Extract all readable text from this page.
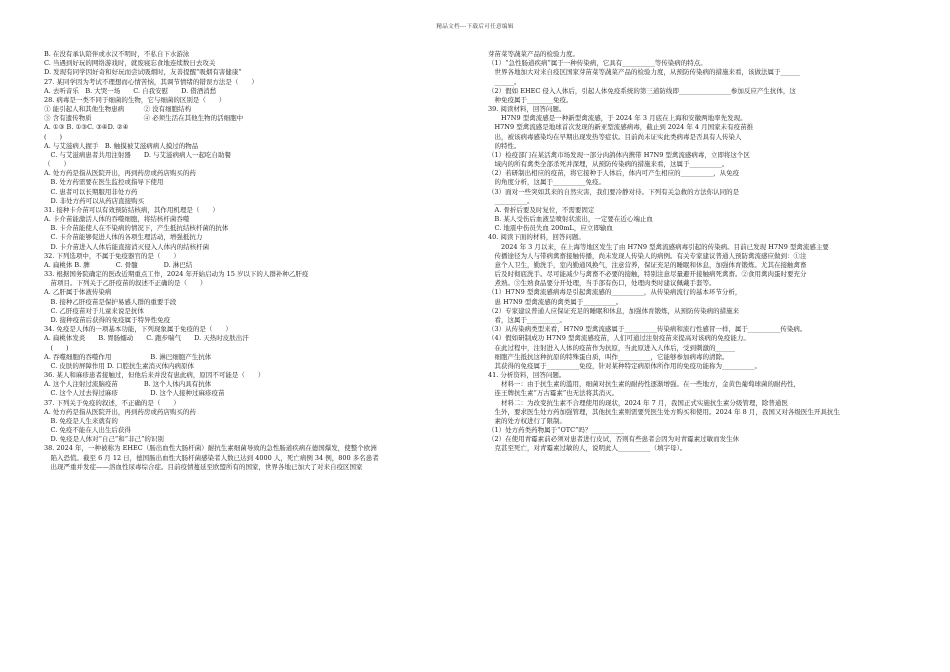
精品文档---下载后可任意编辑
B. 在没有承认陪伴或水汉不明时，不私自下水游泳
C. 当遇到好玩的网络游戏时，就废寝忘食地连续数日去攻关
D. 发现有同学因好奇和好玩而尝试吸烟时，友善提醒“吸烟有害健康”
27. 某同学因为考试不理想而心情苦恼，其调节情绪的错误方法是（　　）
A. 去听音乐　B. 大哭一场　　C. 自我安慰　　D. 借酒消愁
28. 病毒是一类不同于细菌的生物，它与细菌的区别是（　　）
① 能引起人和其他生物患病　　　② 没有细胞结构
③ 含有遗传物质　　　　　　　　④ 必须生活在其他生物的活细胞中
A. ①③ B. ①③C. ③④D. ②④
(　　)
A. 与艾滋病人握手　B. 触摸被艾滋病病人摸过的物品
　C. 与艾滋病患者共用注射器　　D. 与艾滋病病人一起吃自助餐
（　　）
A. 处方药是指从医院开出，再到药房或药店购买的药
　B. 处方药需要在医生监控或指导下使用
　C. 患者可以长期服用非处方药
　D. 非处方药可以从药店直接购买
31. 接种卡介苗可以有效预防结核病，其作用机理是（　　）
A. 卡介苗能激活人体的吞噬细胞，将结核杆菌吞噬
　B. 卡介苗能使人在不染病的情况下，产生抵抗结核杆菌的抗体
　C. 卡介苗能够促进人体的各项生理活动，增强抵抗力
　D. 卡介苗进入人体后能直接消灭侵入人体内的结核杆菌
32. 下列选项中，不属于免疫器官的是（　　）
A. 扁桃体 B. 脾　　　　C. 骨髓　　　　D. 淋巴结
33. 根据国务院确定的医改近期重点工作，2024 年开始启动为 15 岁以下的人群补种乙肝疫
　苗项目。下列关于乙肝疫苗的叙述不正确的是（　　）
A. 乙肝属于体液传染病
　B. 接种乙肝疫苗是保护易感人群的重要手段
　C. 乙肝疫苗对于儿童来说是抗体
　D. 接种疫苗后获得的免疫属于特异性免疫
34. 免疫是人体的一项基本功能，下列现象属于免疫的是（　　）
A. 扁桃体发炎　　B. 胃肠蠕动　　C. 跑步喘气　　D. 天热时皮肤出汗
　(　　)
A. 吞噬细胞的吞噬作用　　　　　　B. 淋巴细胞产生抗体
　C. 皮肤的屏障作用 D. 口腔抗生素消灭体内病原体
36. 某人和麻疹患者接触过，但他后来并没有患此病，原因不可能是（　　）
A. 这个人注射过流脑疫苗　　　　B. 这个人体内具有抗体
　C. 这个人过去得过麻疹　　　　　D. 这个人接种过麻疹疫苗
37. 下列关于免疫的叙述，不正确的是（　　）
A. 处方药是指从医院开出，再到药房或药店购买的药
　B. 免疫是人生来就有的
　C. 免疫不能在人出生后获得
　D. 免疫是人体对“自己”和“非己”的识别
38. 2024 年，一种被称为 EHEC（肠出血性大肠杆菌）耐抗生素细菌导致的急性肠道疾病在德国爆发，使整个欧洲
　陷入恐慌。截至 6 月 12 日，德国肠出血性大肠杆菌感染者人数已达到 4000 人，死亡病例 34 例，800 多名患者
　出现严重并发症——溶血性尿毒综合症。目前疫情蔓延至欧盟所有的国家，世界各地已加大了对来自疫区国家
芽苗菜等蔬菜产品的检验力度。
（1）“急性肠道疾病”属于一种传染病，它具有__________等传染病的特点。
　世界各地加大对来自疫区国家芽苗菜等蔬菜产品的检验力度，从预防传染病的措施来看，该做法属于______
　______。
（2）假如 EHEC 侵入人体后，引起人体免疫系统的第三道防线即________________参加反应产生抗体，这
　种免疫属于________免疫。
39. 阅读材料，回答问题。
　　H7N9 型禽流感是一种新型禽流感，于 2024 年 3 月底在上海和安徽两地率先发现。
　H7N9 型禽流感是地球首次发现的新亚型流感病毒，截止到 2024 年 4 月国家未有疫苗推
　出，被该病毒感染均在早期出现发热等症状。目前尚未证实此类病毒是否具有人传染人
　的特性。
（1）检疫部门在某活禽市场发现一部分肉鸽体内携带 H7N9 型禽流感病毒，立即将这个区
　域内的所有禽类全部杀死并深埋，从预防传染病的措施来看，这属于__________。
（2）若研制出相应的疫苗，将它接种于人体后，体内可产生相应的__________，从免疫
　的角度分析，这属于__________免疫。
（3）面对一些突如其来的自然灾害，我们要冷静对待。下列有关急救的方法你认同的是
　__________。
　A. 骨折后要及时复位，不需要固定
　B. 某人受伤后血液呈喷射状流出，一定要在近心端止血
　C. 地震中伤员失血 200mL，应立即输血
40. 阅读下面的材料，回答问题。
　　2024 年 3 月以来，在上海等地区发生了由 H7N9 型禽流感病毒引起的传染病。目前已发现 H7N9 型禽流感主要
　传播途径为人与带病禽畜接触传播，尚未发现人传染人的病例。有关专家建议普通人预防禽流感应做到：①注
　意个人卫生，勤洗手，室内勤通风换气，注意营养，保证充足的睡眠和休息，加强体育锻炼。尤其在接触禽畜
　后及时彻底洗手。尽可能减少与禽畜不必要的接触，特别注意尽量避开接触病死禽畜。②食用禽肉蛋时要充分
　煮熟。③生熟食品要分开处理，当手部有伤口，处理肉类时建议佩戴手套等。
（1）H7N9 型禽流感病毒是引起禽流感的__________，从传染病流行的基本环节分析，
　患 H7N9 型禽流感的禽类属于__________。
（2）专家建议普通人应保证充足的睡眠和休息，加强体育锻炼，从预防传染病的措施来
　看，这属于__________。
（3）从传染病类型来看，H7N9 型禽流感属于__________传染病和流行性感冒一样，属于__________传染病。
（4）假如研制成功 H7N9 型禽流感疫苗，人们可通过注射疫苗来提高对该病的免疫能力。
　在此过程中，注射进入人体的疫苗作为抗原，当此原进入人体后，受到刺激的______
　细胞产生抵抗这种抗原的特殊蛋白质，叫作__________，它能够参加病毒的清除。
　其获得的免疫属于__________免疫，针对某种特定病原体所作用的免疫功能称为__________。
41. 分析资料，回答问题。
　　材料一：由于抗生素的滥用，细菌对抗生素的耐药性逐渐增强。在一些地方，金黄色葡萄球菌的耐药性，
　连王牌抗生素“万古霉素”也无法将其消灭。
　　材料二：为改变抗生素不合理使用的现状，2024 年 7 月，我国正式实施抗生素分级管理，除普通医
　生外，要求医生处方药加强管理，其他抗生素则需要凭医生处方购买和使用。2024 年 8 月，我国又对各级医生开具抗生
　素的处方权进行了限制。
（1）处方药类药物属于“OTC”吗？__________
（2）在使用青霉素前必须对患者进行皮试，否则有些患者会因为对青霉素过敏而发生休
　克甚至死亡，对青霉素过敏的人，说明此人__________（填字母）。
